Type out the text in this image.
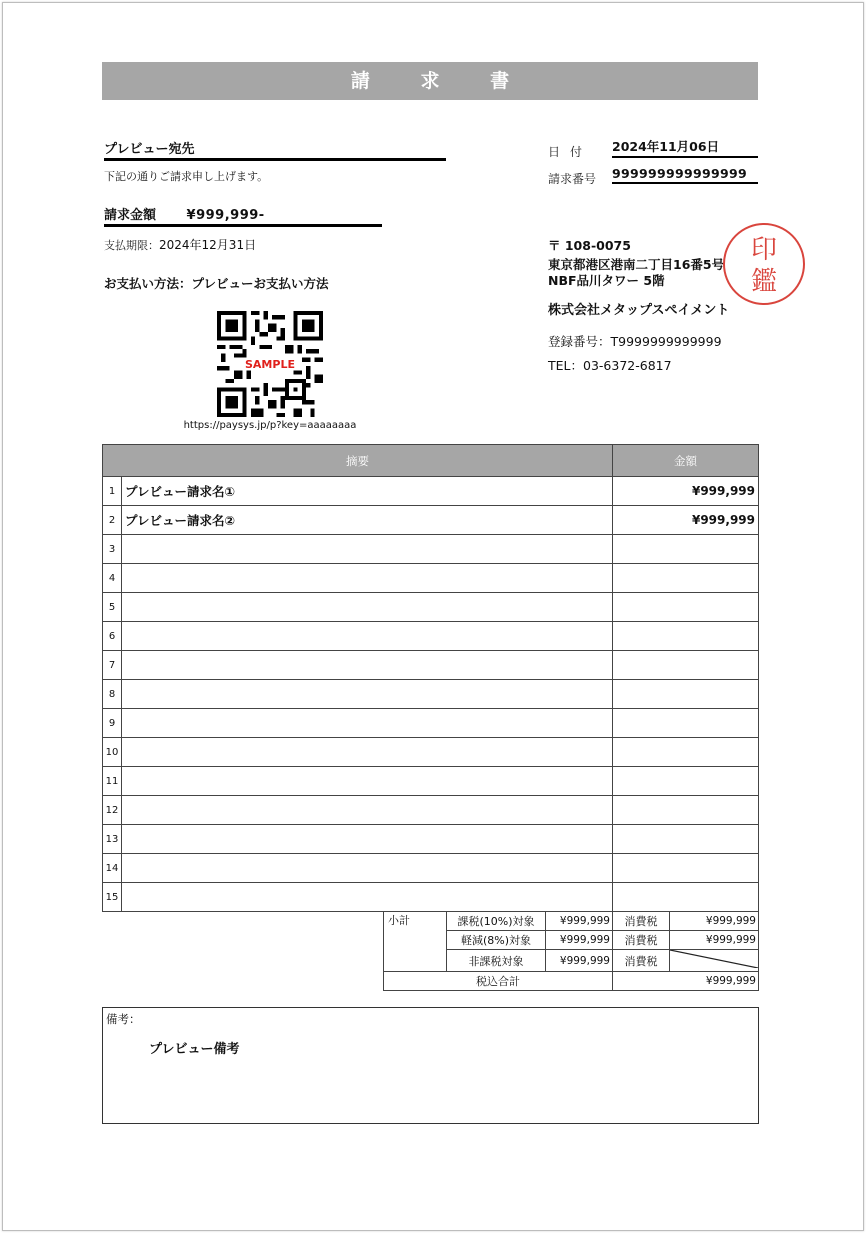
請 求 書
プレビュー宛先
下記の通りご請求申し上げます。
請求金額 ¥999,999-
支払期限：2024年12月31日
お支払い方法：プレビューお支払い方法
SAMPLE
https://paysys.jp/p?key=aaaaaaaa
日付 2024年11月06日
請求番号 999999999999999
〒 108-0075
東京都港区港南二丁目16番5号
NBF品川タワー 5階
株式会社メタップスペイメント
登録番号：T9999999999999
TEL：03-6372-6817
印
鑑
摘要		金額
1	プレビュー請求名①	¥999,999
2	プレビュー請求名②	¥999,999
3		
4		
5		
6		
7		
8		
9		
10		
11		
12		
13		
14		
15		
小計	課税(10%)対象	¥999,999	消費税	¥999,999
	軽減(8%)対象	¥999,999	消費税	¥999,999
	非課税対象	¥999,999	消費税	
税込合計			¥999,999	
備考：
プレビュー備考
